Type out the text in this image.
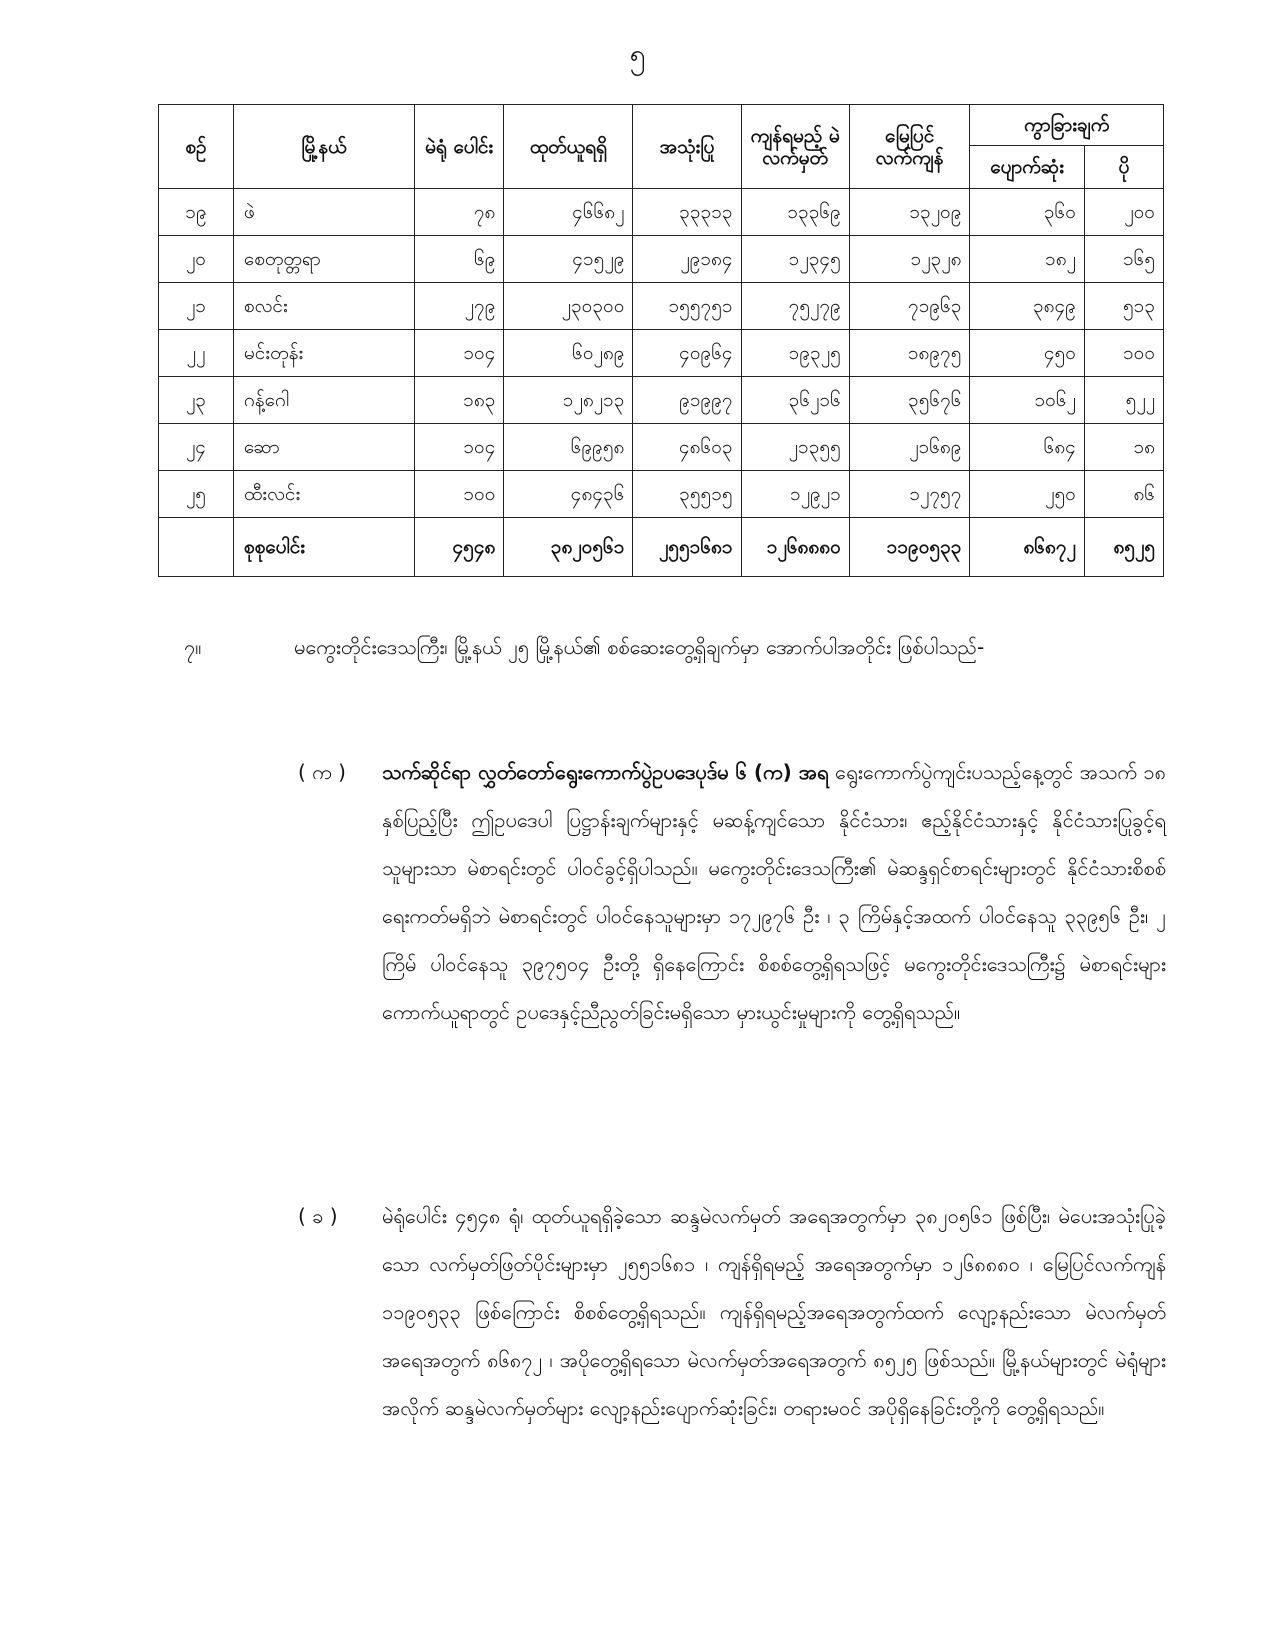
၅
စဉ်	မြို့နယ်	မဲရုံ ပေါင်း	ထုတ်ယူရရှိ	အသုံးပြု	ကျန်ရမည့် မဲလက်မှတ်	မြေပြင် လက်ကျန်	ကွာခြားချက်	
							ပျောက်ဆုံး	ပို
၁၉	ဖဲ	၇၈	၄၆၆၈၂	၃၃၃၁၃	၁၃၃၆၉	၁၃၂၀၉	၃၆၀	၂၀၀
၂၀	စေတုတ္တရာ	၆၉	၄၁၅၂၉	၂၉၁၈၄	၁၂၃၄၅	၁၂၃၂၈	၁၈၂	၁၆၅
၂၁	စလင်း	၂၇၉	၂၃၀၃၀၀	၁၅၅၇၅၁	၇၅၂၇၉	၇၁၉၆၃	၃၈၄၉	၅၁၃
၂၂	မင်းတုန်း	၁၀၄	၆၀၂၈၉	၄၀၉၆၄	၁၉၃၂၅	၁၈၉၇၅	၄၅၀	၁၀၀
၂၃	ဂန့်ဂေါ	၁၈၃	၁၂၈၂၁၃	၉၁၉၉၇	၃၆၂၁၆	၃၅၆၇၆	၁၀၆၂	၅၂၂
၂၄	ဆော	၁၀၄	၆၉၉၅၈	၄၈၆၀၃	၂၁၃၅၅	၂၁၆၈၉	၆၈၄	၁၈
၂၅	ထီးလင်း	၁၀၀	၄၈၄၃၆	၃၅၅၁၅	၁၂၉၂၁	၁၂၇၅၇	၂၅၀	၈၆
	စုစုပေါင်း	၄၅၄၈	၃၈၂၀၅၆၁	၂၅၅၁၆၈၁	၁၂၆၈၈၈၀	၁၁၉၀၅၃၃	၈၆၈၇၂	၈၅၂၅
၇။	မကွေးတိုင်းဒေသကြီး၊ မြို့နယ် ၂၅ မြို့နယ်၏ စစ်ဆေးတွေ့ရှိချက်မှာ အောက်ပါအတိုင်း ဖြစ်ပါသည်-
( က )	သက်ဆိုင်ရာ လွှတ်တော်ရွေးကောက်ပွဲဥပဒေပုဒ်မ ၆ (က) အရ ရွေးကောက်ပွဲကျင်းပသည့်နေ့တွင် အသက် ၁၈ နှစ်ပြည့်ပြီး ဤဥပဒေပါ ပြဋ္ဌာန်းချက်များနှင့် မဆန့်ကျင်သော နိုင်ငံသား၊ ဧည့်နိုင်ငံသားနှင့် နိုင်ငံသားပြုခွင့်ရသူများသာ မဲစာရင်းတွင် ပါဝင်ခွင့်ရှိပါသည်။ မကွေးတိုင်းဒေသကြီး၏ မဲဆန္ဒရှင်စာရင်းများတွင် နိုင်ငံသားစိစစ်ရေးကတ်မရှိဘဲ မဲစာရင်းတွင် ပါဝင်နေသူများမှာ ၁၇၂၉၇၆ ဦး ၊ ၃ ကြိမ်နှင့်အထက် ပါဝင်နေသူ ၃၃၉၅၆ ဦး၊ ၂ ကြိမ် ပါဝင်နေသူ ၃၉၇၅၀၄ ဦးတို့ ရှိနေကြောင်း စိစစ်တွေ့ရှိရသဖြင့် မကွေးတိုင်းဒေသကြီး၌ မဲစာရင်းများ ကောက်ယူရာတွင် ဥပဒေနှင့်ညီညွတ်ခြင်းမရှိသော မှားယွင်းမှုများကို တွေ့ရှိရသည်။
( ခ )	မဲရုံပေါင်း ၄၅၄၈ ရုံ၊ ထုတ်ယူရရှိခဲ့သော ဆန္ဒမဲလက်မှတ် အရေအတွက်မှာ ၃၈၂၀၅၆၁ ဖြစ်ပြီး၊ မဲပေးအသုံးပြုခဲ့သော လက်မှတ်ဖြတ်ပိုင်းများမှာ ၂၅၅၁၆၈၁ ၊ ကျန်ရှိရမည့် အရေအတွက်မှာ ၁၂၆၈၈၈၀ ၊ မြေပြင်လက်ကျန် ၁၁၉၀၅၃၃ ဖြစ်ကြောင်း စိစစ်တွေ့ရှိရသည်။ ကျန်ရှိရမည့်အရေအတွက်ထက် လျော့နည်းသော မဲလက်မှတ်အရေအတွက် ၈၆၈၇၂ ၊ အပိုတွေ့ရှိရသော မဲလက်မှတ်အရေအတွက် ၈၅၂၅ ဖြစ်သည်။ မြို့နယ်များတွင် မဲရုံများအလိုက် ဆန္ဒမဲလက်မှတ်များ လျော့နည်းပျောက်ဆုံးခြင်း၊ တရားမဝင် အပိုရှိနေခြင်းတို့ကို တွေ့ရှိရသည်။
